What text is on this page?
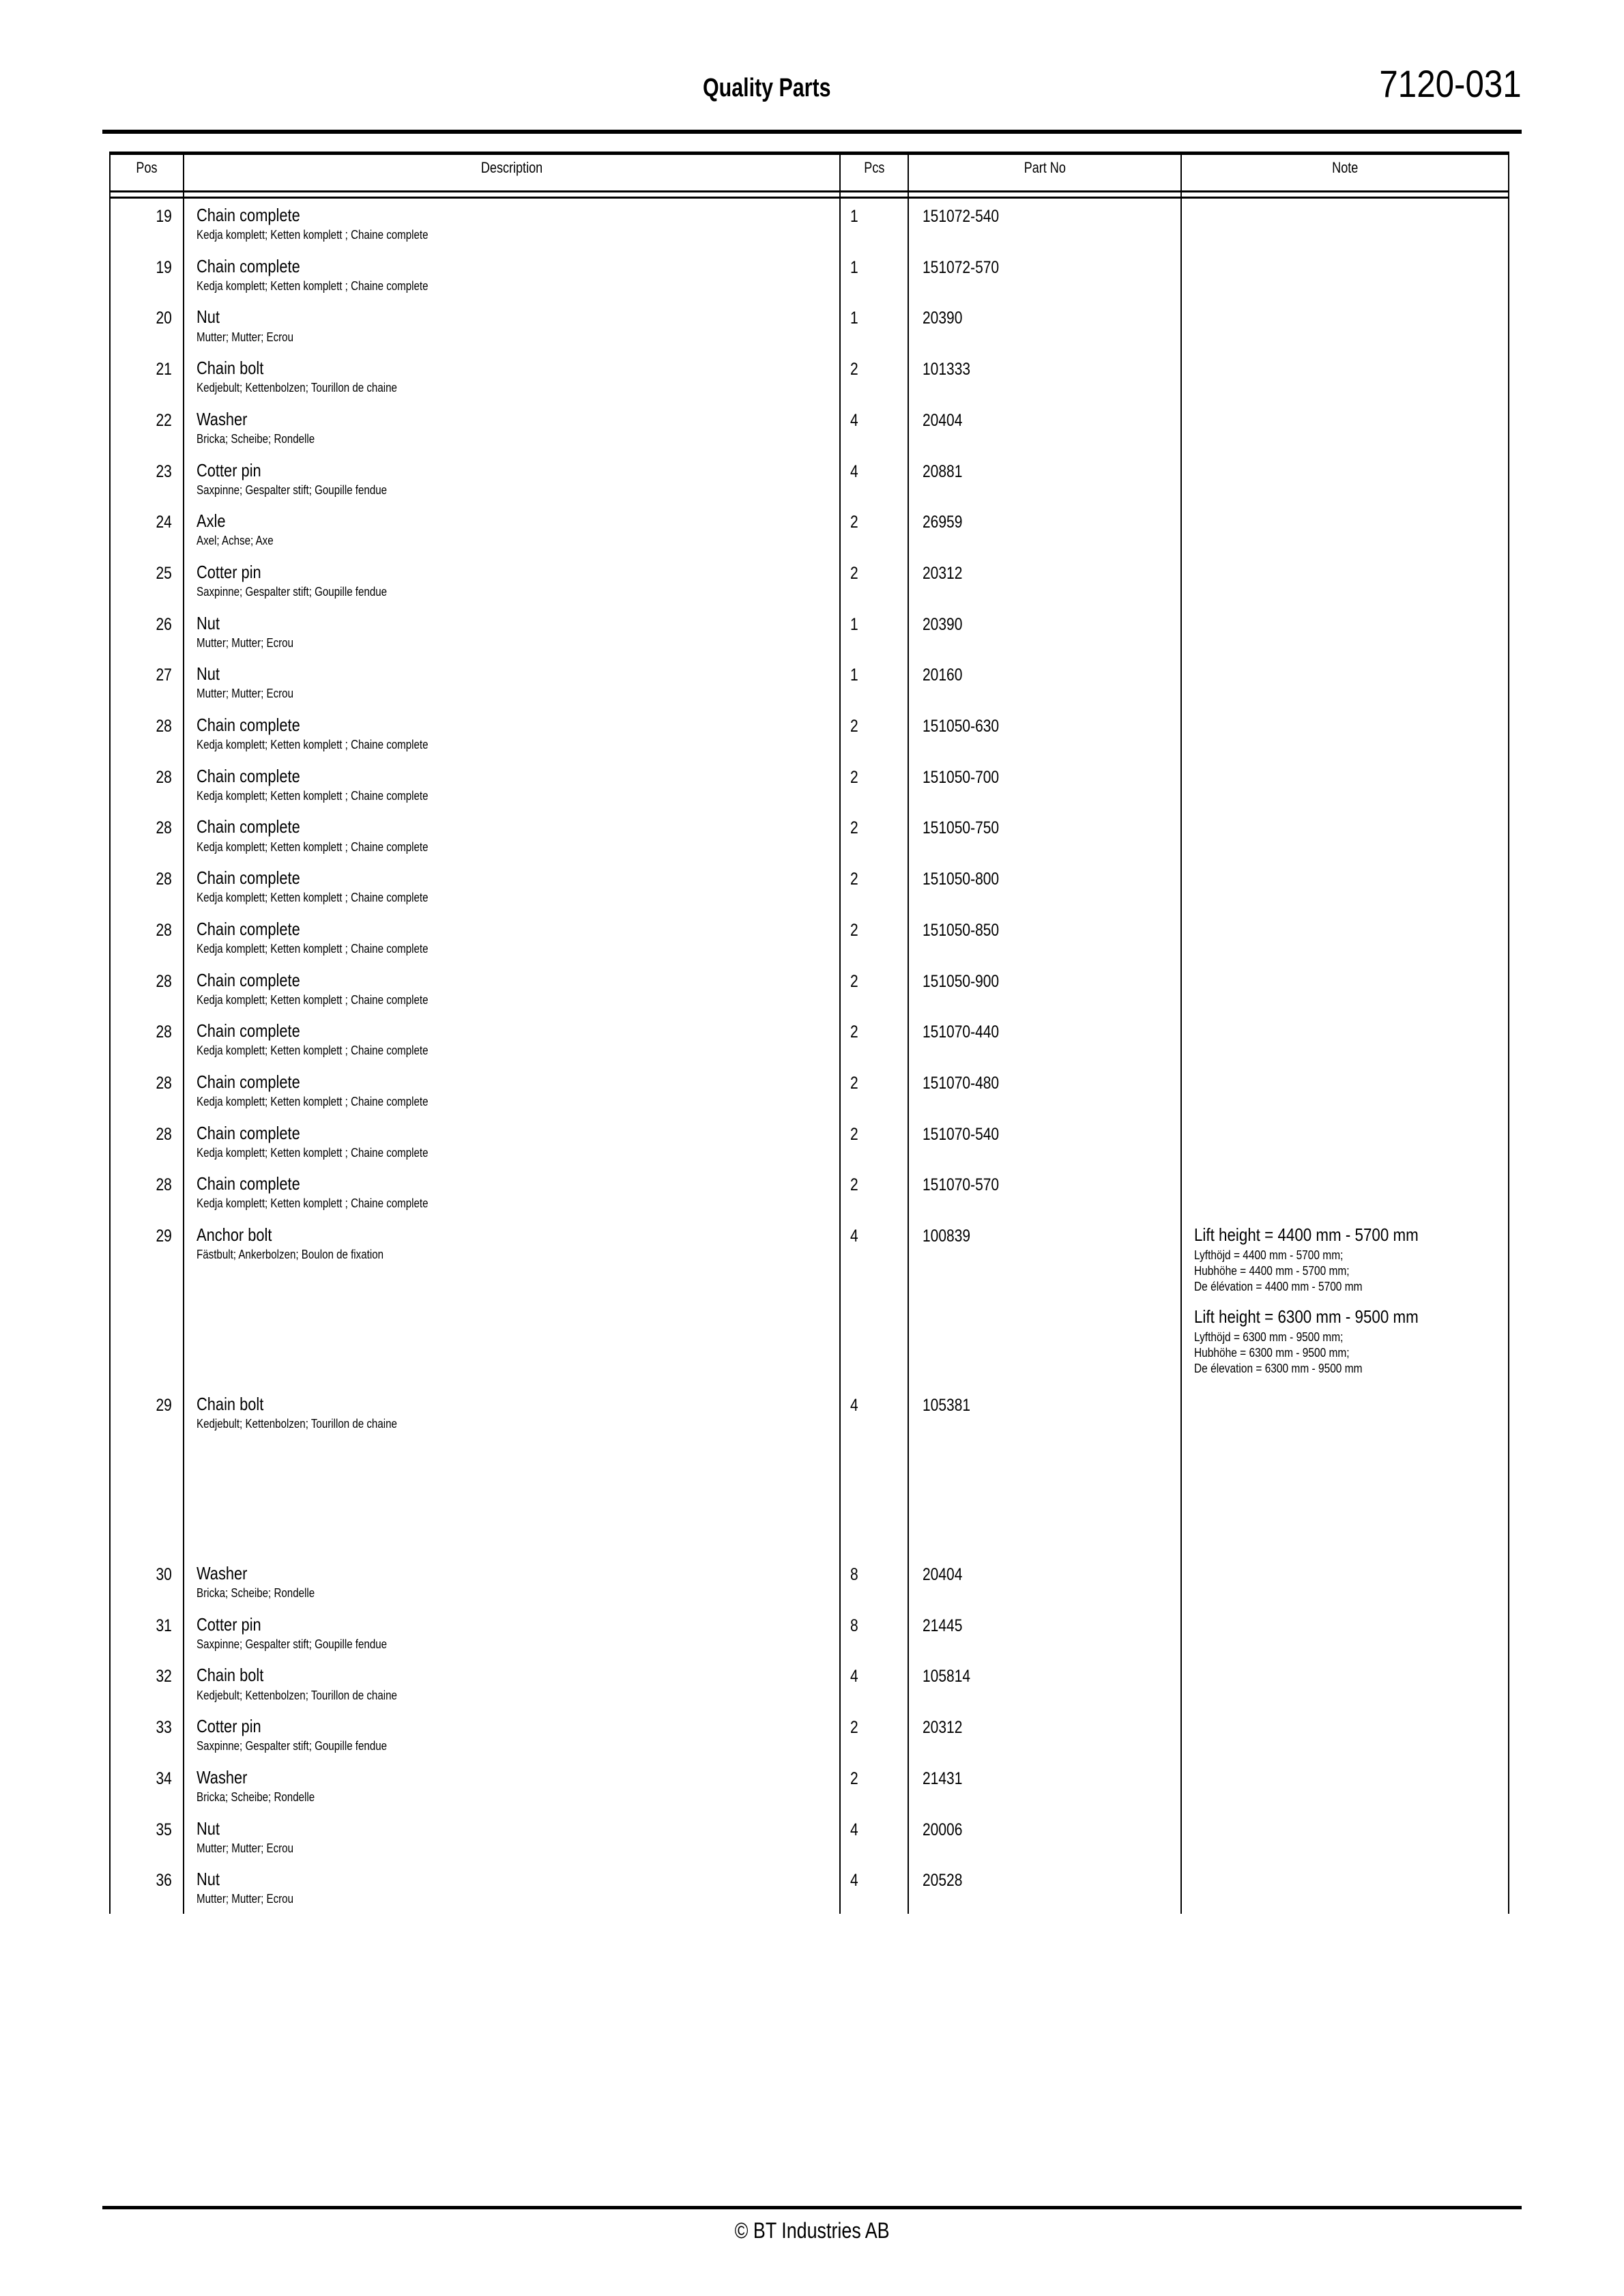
Quality Parts	7120-031
Pos	Description	Pcs	Part No	Note

19	Chain complete
Kedja komplett; Ketten komplett ; Chaine complete	1	151072-540	
19	Chain complete
Kedja komplett; Ketten komplett ; Chaine complete	1	151072-570	
20	Nut
Mutter; Mutter; Ecrou	1	20390	
21	Chain bolt
Kedjebult; Kettenbolzen; Tourillon de chaine	2	101333	
22	Washer
Bricka; Scheibe; Rondelle	4	20404	
23	Cotter pin
Saxpinne; Gespalter stift; Goupille fendue	4	20881	
24	Axle
Axel; Achse; Axe	2	26959	
25	Cotter pin
Saxpinne; Gespalter stift; Goupille fendue	2	20312	
26	Nut
Mutter; Mutter; Ecrou	1	20390	
27	Nut
Mutter; Mutter; Ecrou	1	20160	
28	Chain complete
Kedja komplett; Ketten komplett ; Chaine complete	2	151050-630	
28	Chain complete
Kedja komplett; Ketten komplett ; Chaine complete	2	151050-700	
28	Chain complete
Kedja komplett; Ketten komplett ; Chaine complete	2	151050-750	
28	Chain complete
Kedja komplett; Ketten komplett ; Chaine complete	2	151050-800	
28	Chain complete
Kedja komplett; Ketten komplett ; Chaine complete	2	151050-850	
28	Chain complete
Kedja komplett; Ketten komplett ; Chaine complete	2	151050-900	
28	Chain complete
Kedja komplett; Ketten komplett ; Chaine complete	2	151070-440	
28	Chain complete
Kedja komplett; Ketten komplett ; Chaine complete	2	151070-480	
28	Chain complete
Kedja komplett; Ketten komplett ; Chaine complete	2	151070-540	
28	Chain complete
Kedja komplett; Ketten komplett ; Chaine complete	2	151070-570	
29	Anchor bolt
Fästbult; Ankerbolzen; Boulon de fixation
	4	100839	Lift height = 4400 mm - 5700 mm
Lyfthöjd = 4400 mm - 5700 mm;
Hubhöhe = 4400 mm - 5700 mm;
De élévation = 4400 mm - 5700 mm
Lift height = 6300 mm - 9500 mm
Lyfthöjd = 6300 mm - 9500 mm;
Hubhöhe = 6300 mm - 9500 mm;
De élevation = 6300 mm - 9500 mm

29	Chain bolt
Kedjebult; Kettenbolzen; Tourillon de chaine	4	105381	
30	Washer
Bricka; Scheibe; Rondelle	8	20404	
31	Cotter pin
Saxpinne; Gespalter stift; Goupille fendue	8	21445	
32	Chain bolt
Kedjebult; Kettenbolzen; Tourillon de chaine	4	105814	
33	Cotter pin
Saxpinne; Gespalter stift; Goupille fendue	2	20312	
34	Washer
Bricka; Scheibe; Rondelle	2	21431	
35	Nut
Mutter; Mutter; Ecrou	4	20006	
36	Nut
Mutter; Mutter; Ecrou	4	20528	
© BT Industries AB
